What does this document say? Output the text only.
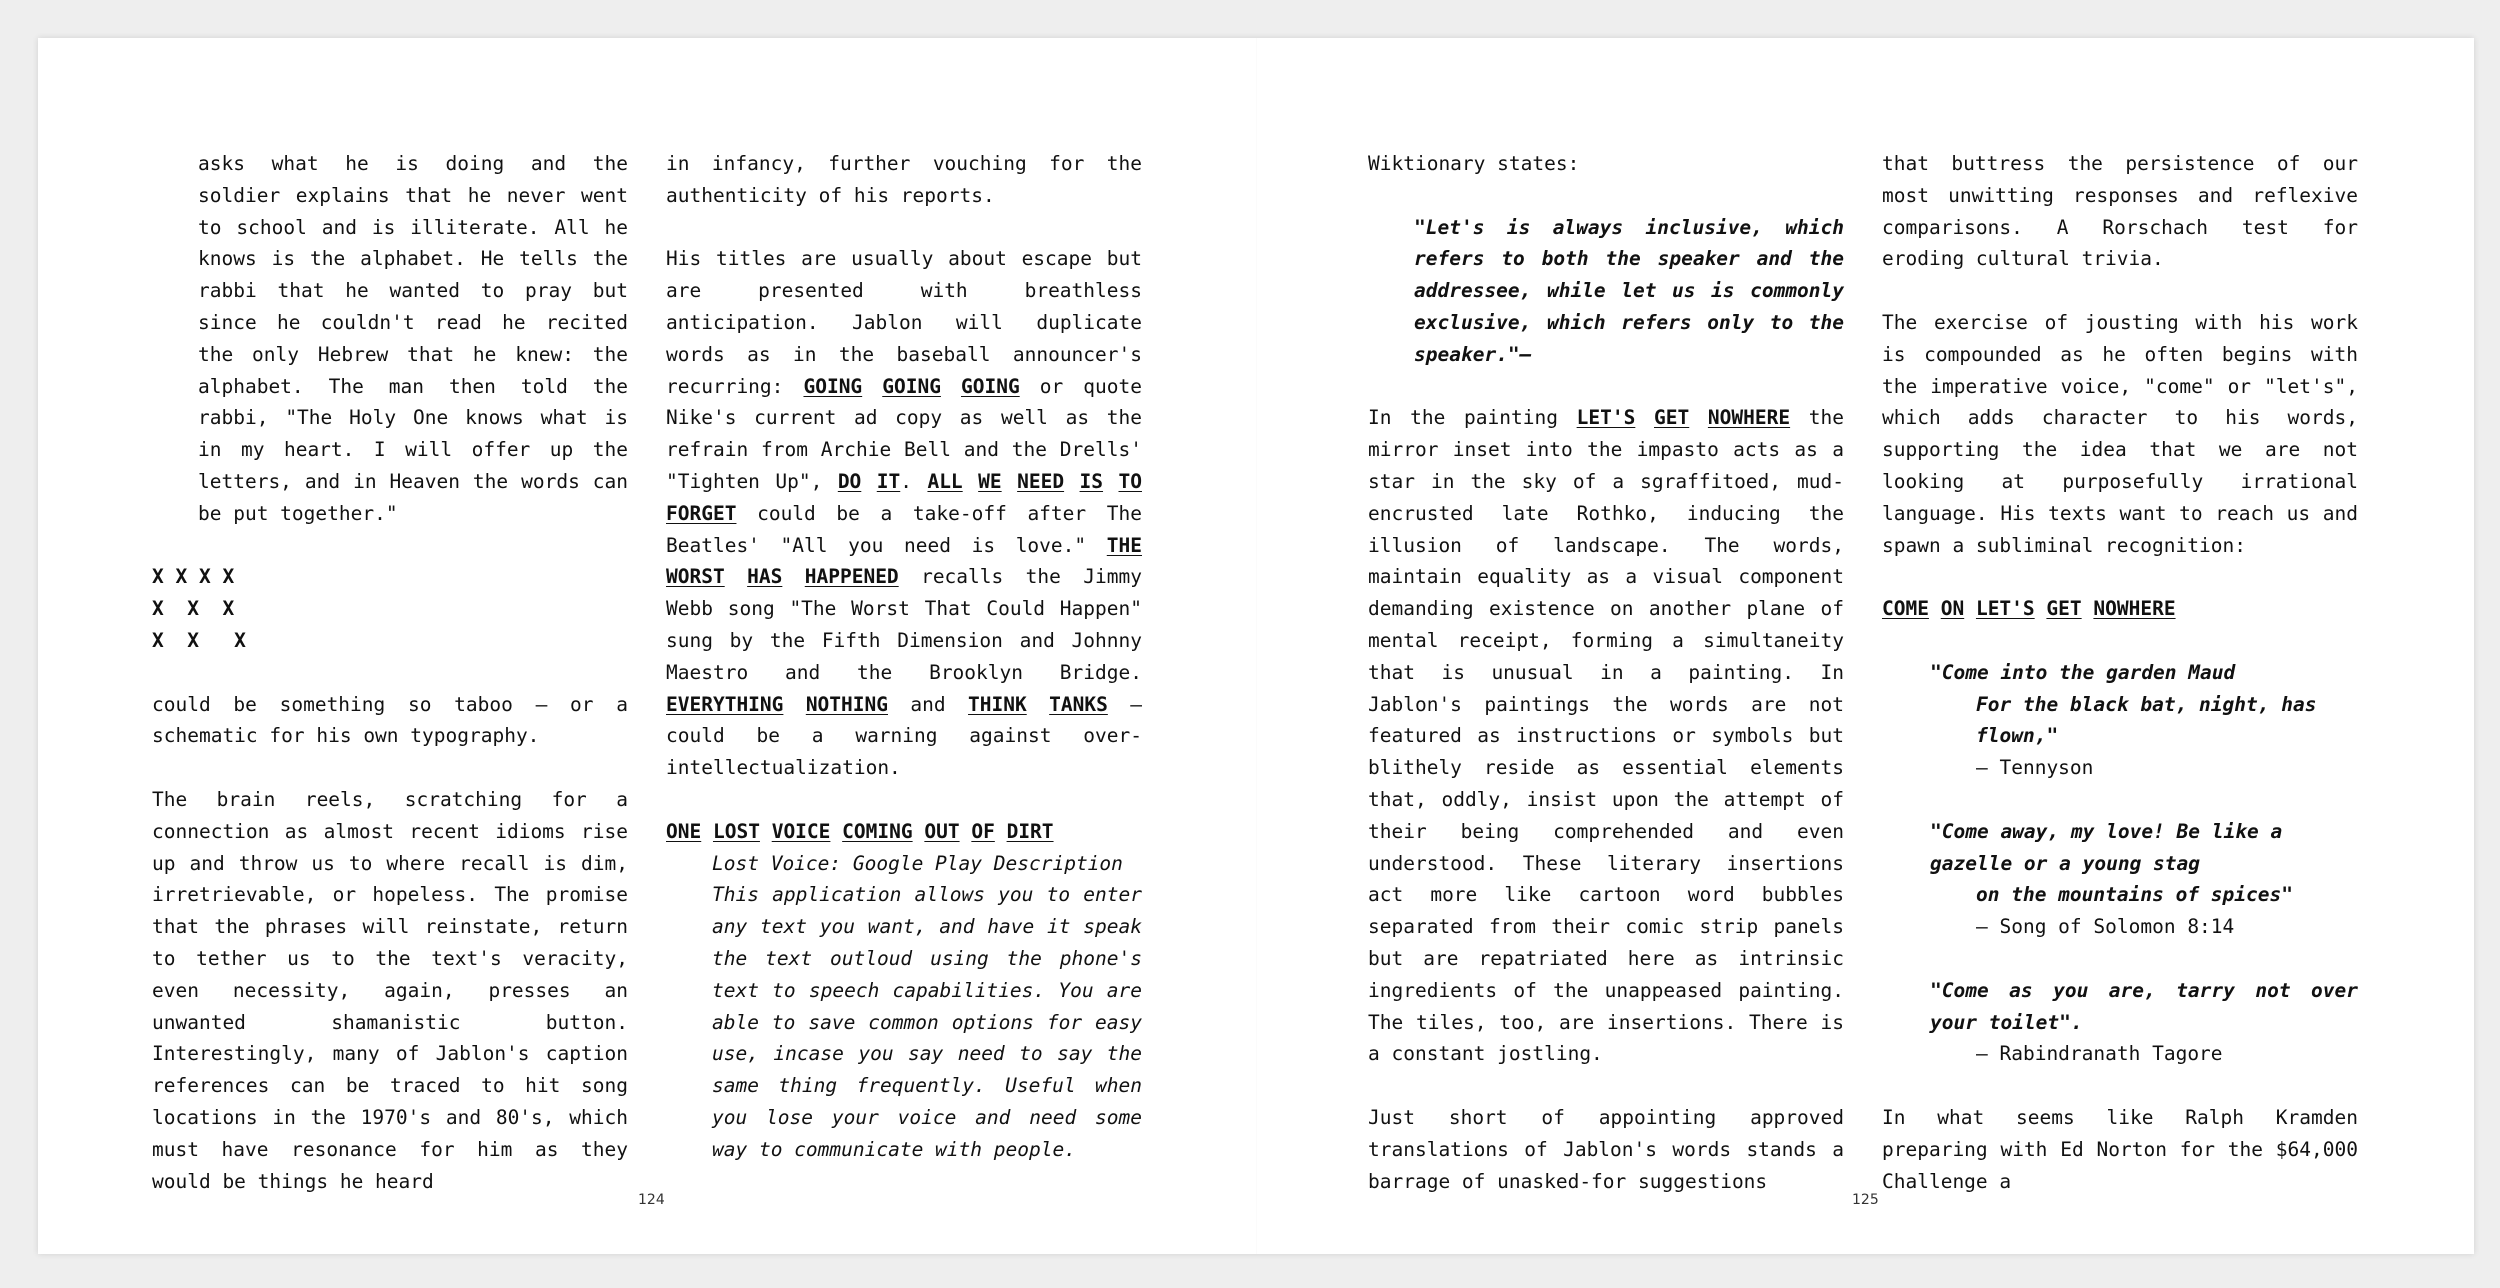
asks what he is doing and the soldier explains that he never went to school and is illiterate. All he knows is the alphabet. He tells the rabbi that he wanted to pray but since he couldn't read he recited the only Hebrew that he knew: the alphabet. The man then told the rabbi, "The Holy One knows what is in my heart. I will offer up the letters, and in Heaven the words can be put together."

X X X X
X  X  X
X  X   X

could be something so taboo – or a schematic for his own typography.

The brain reels, scratching for a connection as almost recent idioms rise up and throw us to where recall is dim, irretrievable, or hopeless. The promise that the phrases will reinstate, return to tether us to the text's veracity, even necessity, again, presses an unwanted shamanistic button. Interestingly, many of Jablon's caption references can be traced to hit song locations in the 1970's and 80's, which must have resonance for him as they would be things he heard

in infancy, further vouching for the authenticity of his reports.

His titles are usually about escape but are presented with breathless anticipation. Jablon will duplicate words as in the baseball announcer's recurring: GOING GOING GOING or quote Nike's current ad copy as well as the refrain from Archie Bell and the Drells' "Tighten Up", DO IT. ALL WE NEED IS TO FORGET could be a take-off after The Beatles' "All you need is love." THE WORST HAS HAPPENED recalls the Jimmy Webb song "The Worst That Could Happen" sung by the Fifth Dimension and Johnny Maestro and the Brooklyn Bridge. EVERYTHING NOTHING and THINK TANKS — could be a warning against over-intellectualization.

ONE LOST VOICE COMING OUT OF DIRT
Lost Voice: Google Play Description

This application allows you to enter any text you want, and have it speak the text outloud using the phone's text to speech capabilities. You are able to save common options for easy use, incase you say need to say the same thing frequently. Useful when you lose your voice and need some way to communicate with people.

Wiktionary states:

"Let's is always inclusive, which refers to both the speaker and the addressee, while let us is commonly exclusive, which refers only to the speaker."–

In the painting LET'S GET NOWHERE the mirror inset into the impasto acts as a star in the sky of a sgraffitoed, mud-encrusted late Rothko, inducing the illusion of landscape. The words, maintain equality as a visual component demanding existence on another plane of mental receipt, forming a simultaneity that is unusual in a painting. In Jablon's paintings the words are not featured as instructions or symbols but blithely reside as essential elements that, oddly, insist upon the attempt of their being comprehended and even understood. These literary insertions act more like cartoon word bubbles separated from their comic strip panels but are repatriated here as intrinsic ingredients of the unappeased painting. The tiles, too, are insertions. There is a constant jostling.

Just short of appointing approved translations of Jablon's words stands a barrage of unasked-for suggestions

that buttress the persistence of our most unwitting responses and reflexive comparisons. A Rorschach test for eroding cultural trivia.

The exercise of jousting with his work is compounded as he often begins with the imperative voice, "come" or "let's", which adds character to his words, supporting the idea that we are not looking at purposefully irrational language. His texts want to reach us and spawn a subliminal recognition:

COME ON LET'S GET NOWHERE

"Come into the garden Maud
For the black bat, night, has flown,"
– Tennyson
"Come away, my love! Be like a gazelle or a young stag
on the mountains of spices"
– Song of Solomon 8:14
"Come as you are, tarry not over your toilet".
– Rabindranath Tagore

In what seems like Ralph Kramden preparing with Ed Norton for the $64,000 Challenge a

124	125
